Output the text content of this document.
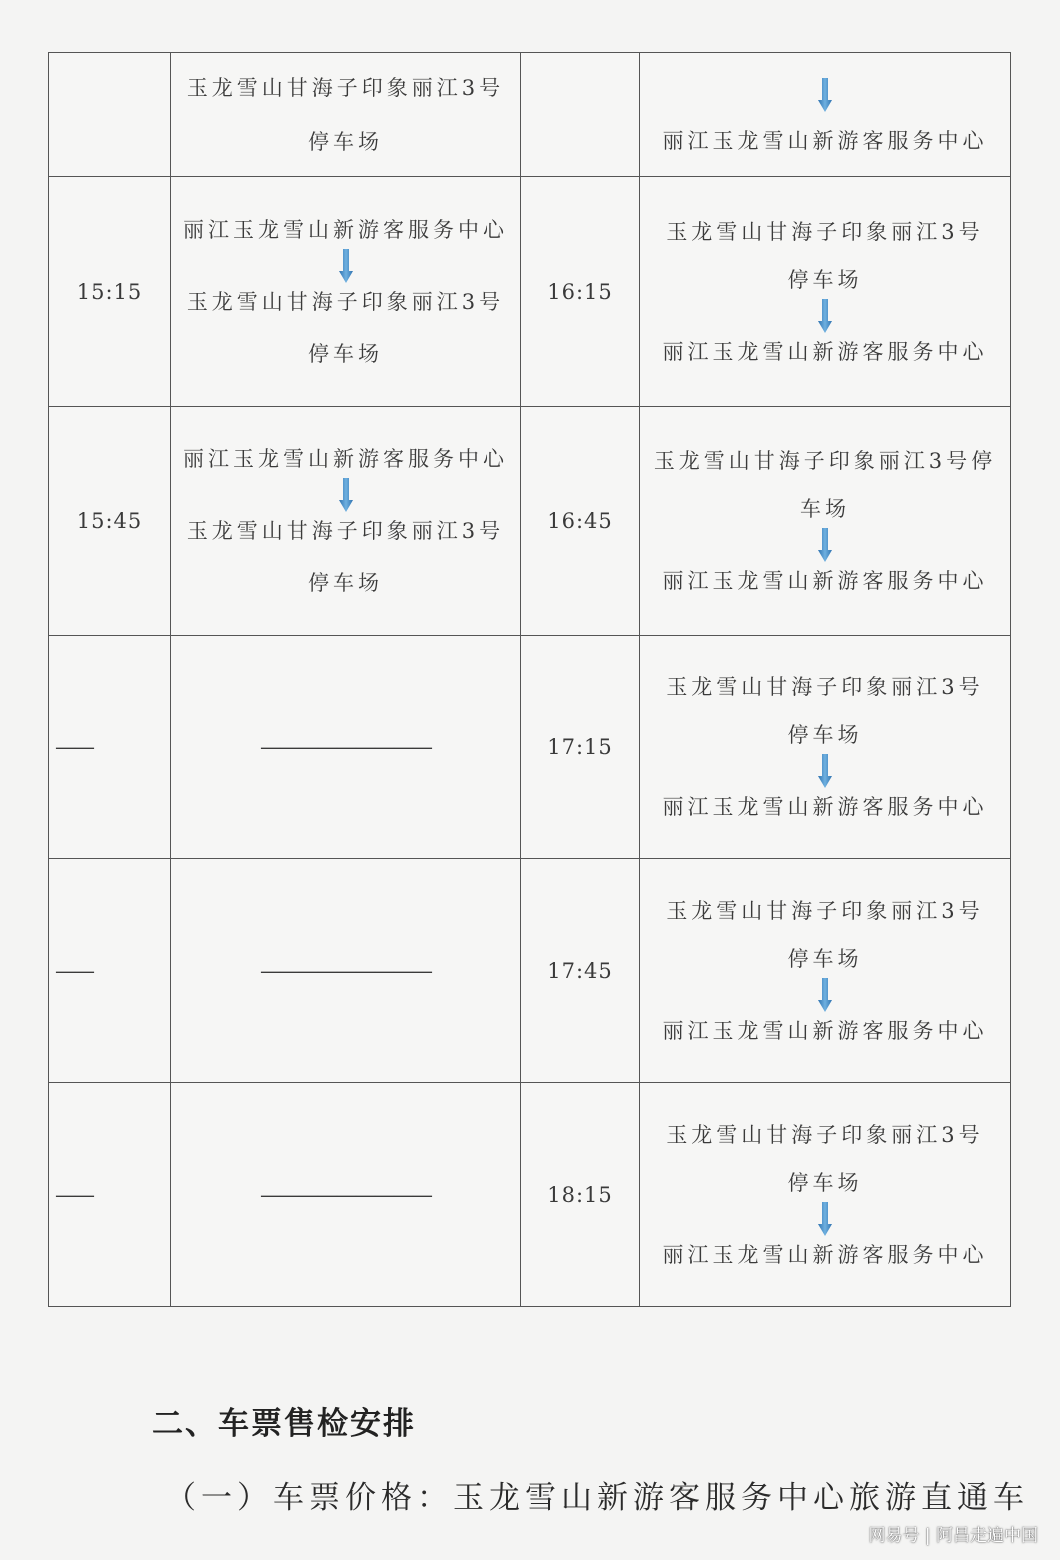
	玉龙雪山甘海子印象丽江3号
停车场		丽江玉龙雪山新游客服务中心

15:15	丽江玉龙雪山新游客服务中心
玉龙雪山甘海子印象丽江3号
停车场	16:15	玉龙雪山甘海子印象丽江3号
停车场
丽江玉龙雪山新游客服务中心

15:45	丽江玉龙雪山新游客服务中心
玉龙雪山甘海子印象丽江3号
停车场	16:45	玉龙雪山甘海子印象丽江3号停
车场
丽江玉龙雪山新游客服务中心

——	—————————	17:15	玉龙雪山甘海子印象丽江3号
停车场
丽江玉龙雪山新游客服务中心

——	—————————	17:45	玉龙雪山甘海子印象丽江3号
停车场
丽江玉龙雪山新游客服务中心

——	—————————	18:15	玉龙雪山甘海子印象丽江3号
停车场
丽江玉龙雪山新游客服务中心
二、车票售检安排
（一）车票价格：玉龙雪山新游客服务中心旅游直通车
网易号 | 阿昌走遍中国
